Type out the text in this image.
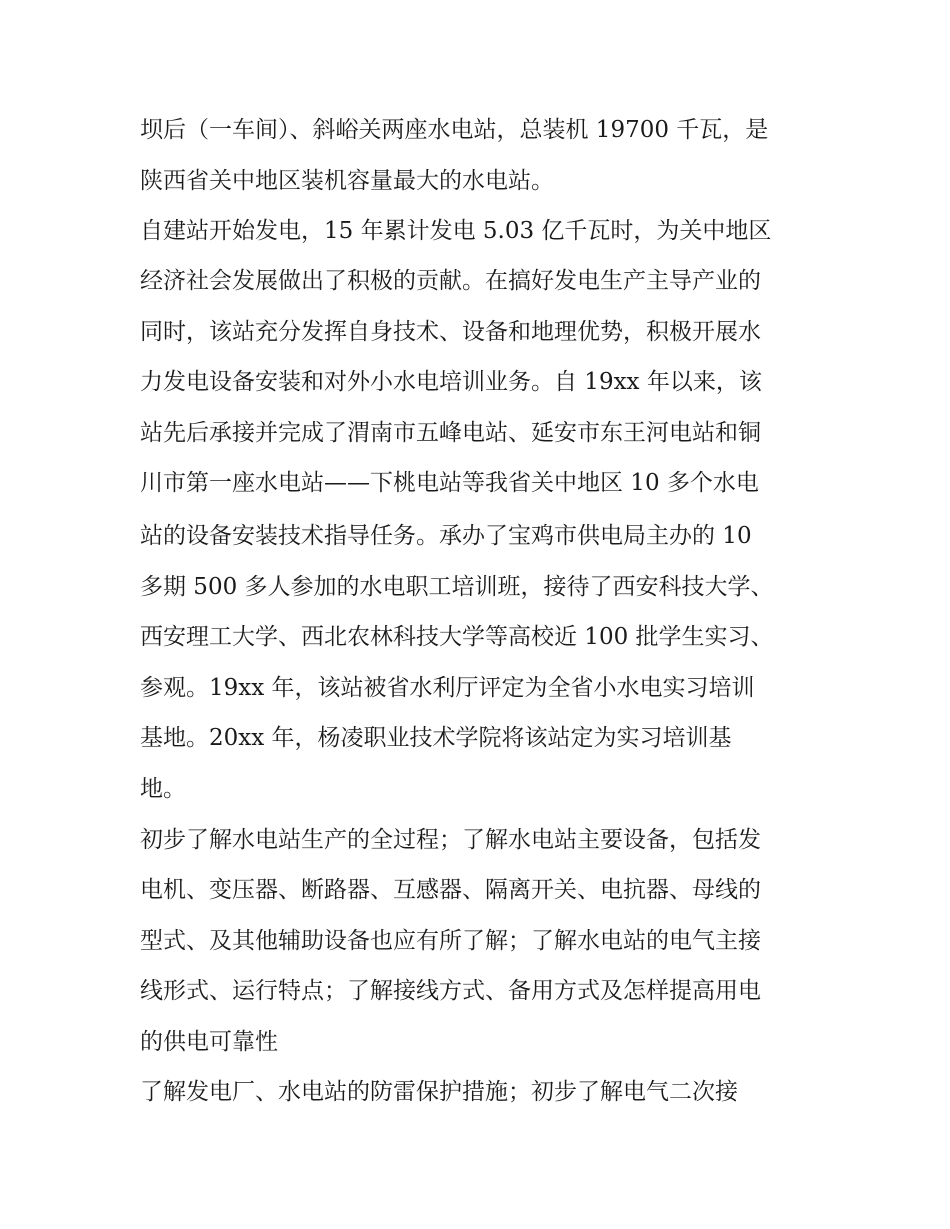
坝后（一车间）、斜峪关两座水电站，总装机 19700 千瓦，是
陕西省关中地区装机容量最大的水电站。
自建站开始发电，15 年累计发电 5.03 亿千瓦时，为关中地区
经济社会发展做出了积极的贡献。在搞好发电生产主导产业的
同时，该站充分发挥自身技术、设备和地理优势，积极开展水
力发电设备安装和对外小水电培训业务。自 19xx 年以来，该
站先后承接并完成了渭南市五峰电站、延安市东王河电站和铜
川市第一座水电站——下桃电站等我省关中地区 10 多个水电
站的设备安装技术指导任务。承办了宝鸡市供电局主办的 10
多期 500 多人参加的水电职工培训班，接待了西安科技大学、
西安理工大学、西北农林科技大学等高校近 100 批学生实习、
参观。19xx 年，该站被省水利厅评定为全省小水电实习培训
基地。20xx 年，杨凌职业技术学院将该站定为实习培训基
地。
初步了解水电站生产的全过程；了解水电站主要设备，包括发
电机、变压器、断路器、互感器、隔离开关、电抗器、母线的
型式、及其他辅助设备也应有所了解；了解水电站的电气主接
线形式、运行特点；了解接线方式、备用方式及怎样提高用电
的供电可靠性
了解发电厂、水电站的防雷保护措施；初步了解电气二次接
